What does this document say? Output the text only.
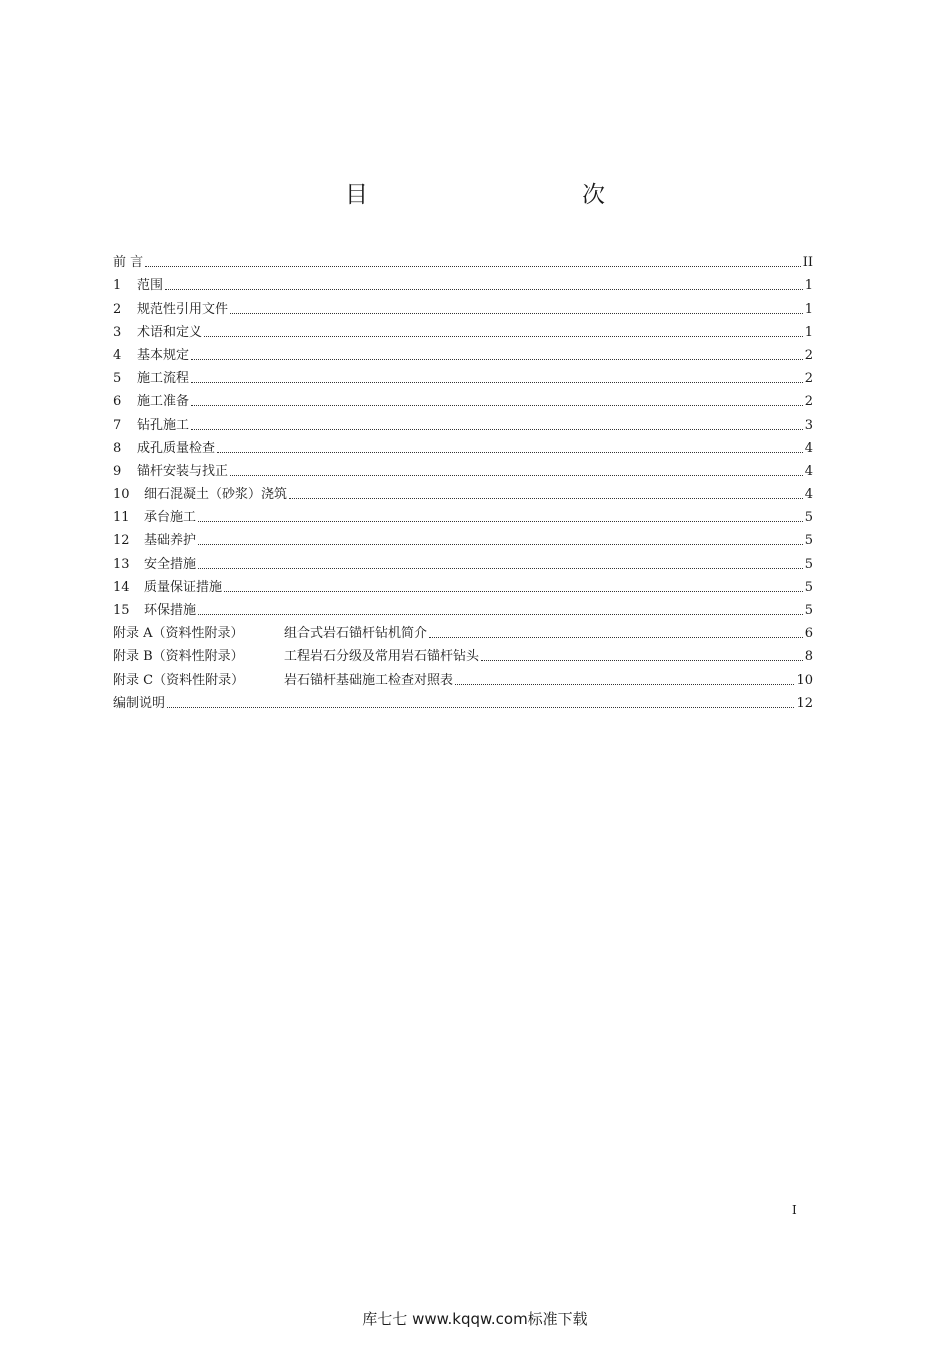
目　　次
前 言	II
1	范围	1
2	规范性引用文件	1
3	术语和定义	1
4	基本规定	2
5	施工流程	2
6	施工准备	2
7	钻孔施工	3
8	成孔质量检查	4
9	锚杆安装与找正	4
10	细石混凝土（砂浆）浇筑	4
11	承台施工	5
12	基础养护	5
13	安全措施	5
14	质量保证措施	5
15	环保措施	5
附录 A（资料性附录）	组合式岩石锚杆钻机简介	6
附录 B（资料性附录）	工程岩石分级及常用岩石锚杆钻头	8
附录 C（资料性附录）	岩石锚杆基础施工检查对照表	10
编制说明	12
I
库七七 www.kqqw.com标准下载
